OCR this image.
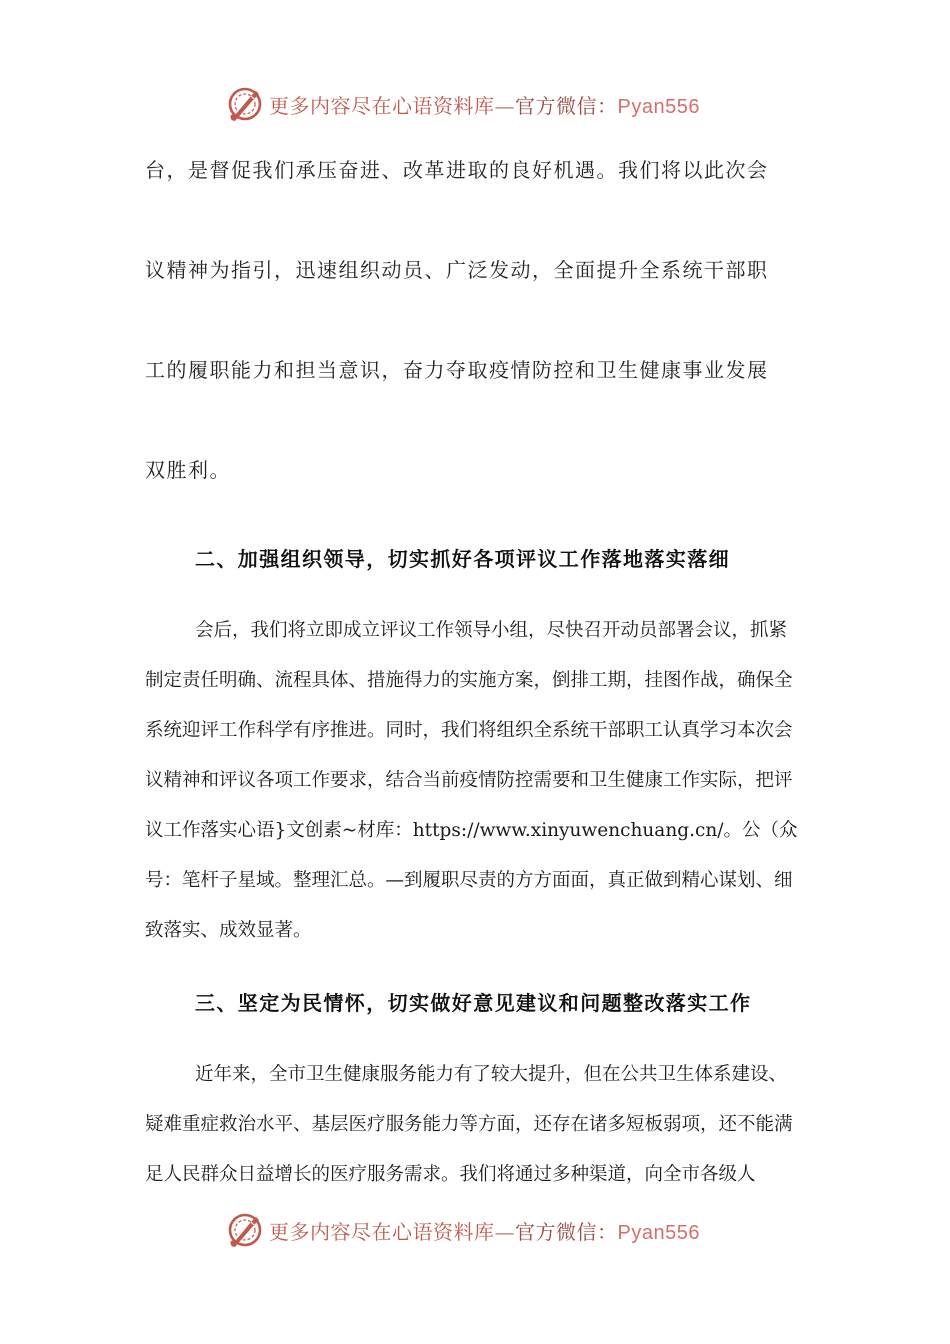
更多内容尽在心语资料库—官方微信：Pyan556
台，是督促我们承压奋进、改革进取的良好机遇。我们将以此次会
议精神为指引，迅速组织动员、广泛发动，全面提升全系统干部职
工的履职能力和担当意识，奋力夺取疫情防控和卫生健康事业发展
双胜利。
二、加强组织领导，切实抓好各项评议工作落地落实落细

会后，我们将立即成立评议工作领导小组，尽快召开动员部署会议，抓紧制定责任明确、流程具体、措施得力的实施方案，倒排工期，挂图作战，确保全系统迎评工作科学有序推进。同时，我们将组织全系统干部职工认真学习本次会议精神和评议各项工作要求，结合当前疫情防控需要和卫生健康工作实际，把评议工作落实心语}文创素~材库：https://www.xinyuwenchuang.cn/。公（众号：笔杆子星域。整理汇总。—到履职尽责的方方面面，真正做到精心谋划、细致落实、成效显著。

三、坚定为民情怀，切实做好意见建议和问题整改落实工作

近年来，全市卫生健康服务能力有了较大提升，但在公共卫生体系建设、疑难重症救治水平、基层医疗服务能力等方面，还存在诸多短板弱项，还不能满足人民群众日益增长的医疗服务需求。我们将通过多种渠道，向全市各级人

更多内容尽在心语资料库—官方微信：Pyan556
